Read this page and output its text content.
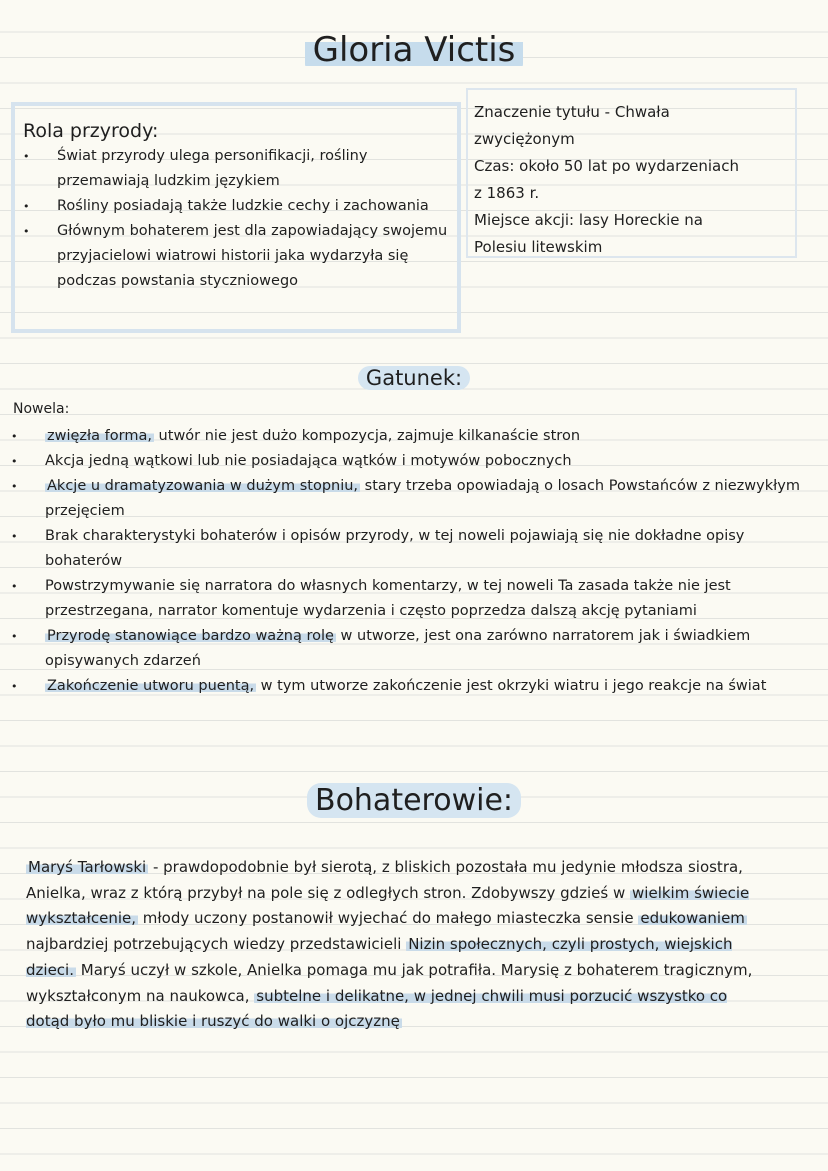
Gloria Victis
Rola przyrody:
• Świat przyrody ulega personifikacji, rośliny przemawiają ludzkim językiem
• Rośliny posiadają także ludzkie cechy i zachowania
• Głównym bohaterem jest dla zapowiadający swojemu przyjacielowi wiatrowi historii jaka wydarzyła się podczas powstania styczniowego
Znaczenie tytułu - Chwała
zwyciężonym
Czas: około 50 lat po wydarzeniach
z 1863 r.
Miejsce akcji: lasy Horeckie na
Polesiu litewskim
Gatunek:
Nowela:
• zwięzła forma, utwór nie jest dużo kompozycja, zajmuje kilkanaście stron
• Akcja jedną wątkowi lub nie posiadająca wątków i motywów pobocznych
• Akcje u dramatyzowania w dużym stopniu, stary trzeba opowiadają o losach Powstańców z niezwykłym przejęciem
• Brak charakterystyki bohaterów i opisów przyrody, w tej noweli pojawiają się nie dokładne opisy bohaterów
• Powstrzymywanie się narratora do własnych komentarzy, w tej noweli Ta zasada także nie jest przestrzegana, narrator komentuje wydarzenia i często poprzedza dalszą akcję pytaniami
• Przyrodę stanowiące bardzo ważną rolę w utworze, jest ona zarówno narratorem jak i świadkiem opisywanych zdarzeń
• Zakończenie utworu puentą, w tym utworze zakończenie jest okrzyki wiatru i jego reakcje na świat
Bohaterowie:
Maryś Tarłowski - prawdopodobnie był sierotą, z bliskich pozostała mu jedynie młodsza siostra, Anielka, wraz z którą przybył na pole się z odległych stron. Zdobywszy gdzieś w wielkim świecie wykształcenie, młody uczony postanowił wyjechać do małego miasteczka sensie edukowaniem najbardziej potrzebujących wiedzy przedstawicieli Nizin społecznych, czyli prostych, wiejskich dzieci. Maryś uczył w szkole, Anielka pomaga mu jak potrafiła. Marysię z bohaterem tragicznym, wykształconym na naukowca, subtelne i delikatne, w jednej chwili musi porzucić wszystko co dotąd było mu bliskie i ruszyć do walki o ojczyznę
